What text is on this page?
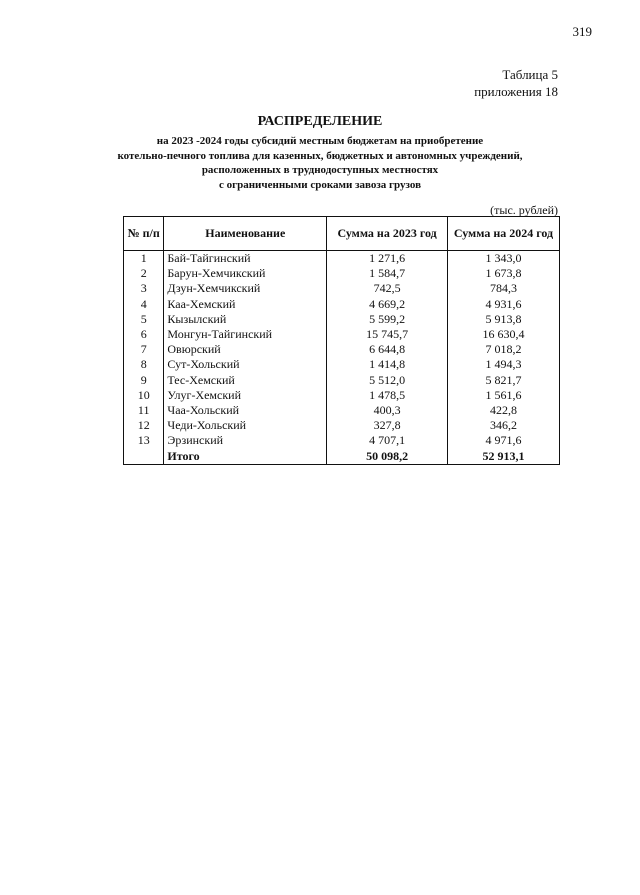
319
Таблица 5
приложения 18
РАСПРЕДЕЛЕНИЕ
на 2023 -2024 годы субсидий местным бюджетам на приобретение
котельно-печного топлива для казенных, бюджетных и автономных учреждений,
расположенных в труднодоступных местностях
с ограниченными сроками завоза грузов
(тыс. рублей)
№ п/п	Наименование	Сумма на 2023 год	Сумма на 2024 год
1	Бай-Тайгинский	1 271,6	1 343,0
2	Барун-Хемчикский	1 584,7	1 673,8
3	Дзун-Хемчикский	742,5	784,3
4	Каа-Хемский	4 669,2	4 931,6
5	Кызылский	5 599,2	5 913,8
6	Монгун-Тайгинский	15 745,7	16 630,4
7	Овюрский	6 644,8	7 018,2
8	Сут-Хольский	1 414,8	1 494,3
9	Тес-Хемский	5 512,0	5 821,7
10	Улуг-Хемский	1 478,5	1 561,6
11	Чаа-Хольский	400,3	422,8
12	Чеди-Хольский	327,8	346,2
13	Эрзинский	4 707,1	4 971,6
	Итого	50 098,2	52 913,1
